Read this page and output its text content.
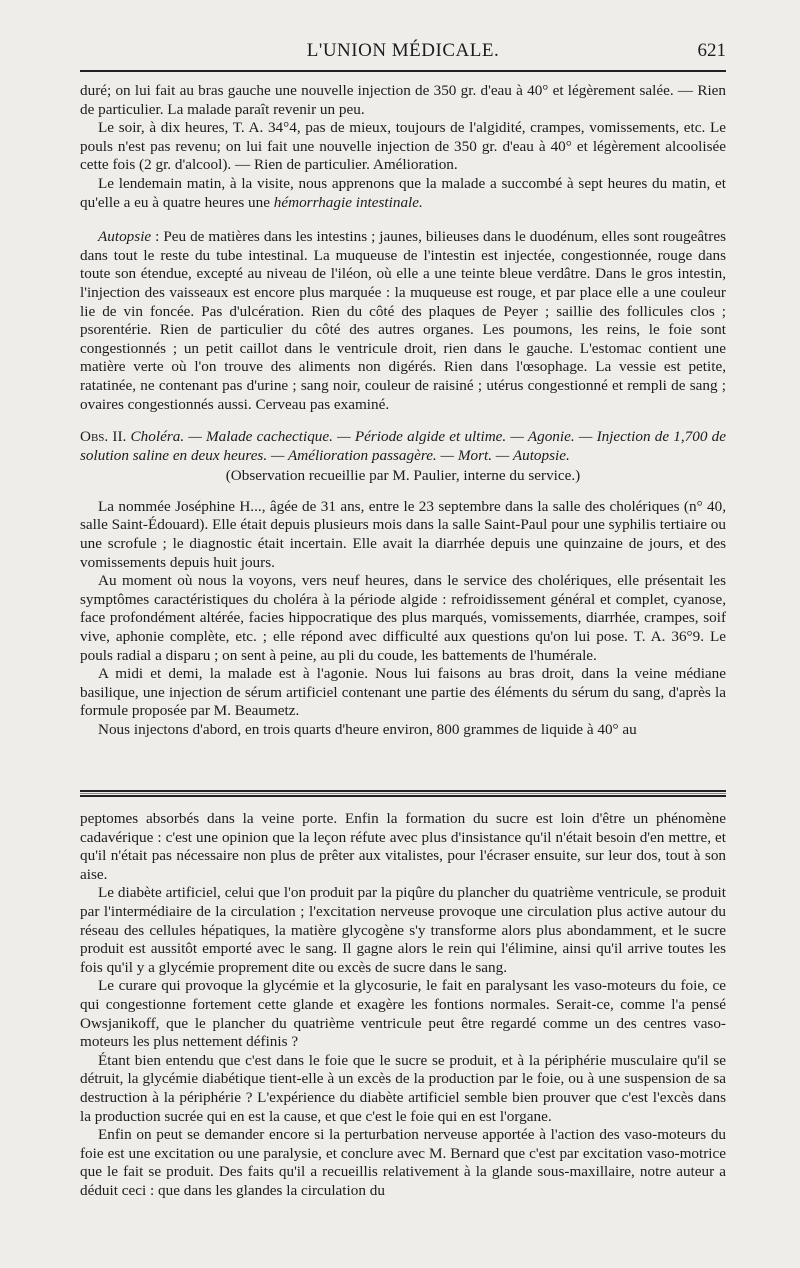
L'UNION MÉDICALE.	621

duré; on lui fait au bras gauche une nouvelle injection de 350 gr. d'eau à 40° et légèrement salée. — Rien de particulier. La malade paraît revenir un peu.

Le soir, à dix heures, T. A. 34°4, pas de mieux, toujours de l'algidité, crampes, vomissements, etc. Le pouls n'est pas revenu; on lui fait une nouvelle injection de 350 gr. d'eau à 40° et légèrement alcoolisée cette fois (2 gr. d'alcool). — Rien de particulier. Amélioration.

Le lendemain matin, à la visite, nous apprenons que la malade a succombé à sept heures du matin, et qu'elle a eu à quatre heures une hémorrhagie intestinale.

Autopsie : Peu de matières dans les intestins ; jaunes, bilieuses dans le duodénum, elles sont rougeâtres dans tout le reste du tube intestinal. La muqueuse de l'intestin est injectée, congestionnée, rouge dans toute son étendue, excepté au niveau de l'iléon, où elle a une teinte bleue verdâtre. Dans le gros intestin, l'injection des vaisseaux est encore plus marquée : la muqueuse est rouge, et par place elle a une couleur lie de vin foncée. Pas d'ulcération. Rien du côté des plaques de Peyer ; saillie des follicules clos ; psorentérie. Rien de particulier du côté des autres organes. Les poumons, les reins, le foie sont congestionnés ; un petit caillot dans le ventricule droit, rien dans le gauche. L'estomac contient une matière verte où l'on trouve des aliments non digérés. Rien dans l'œsophage. La vessie est petite, ratatinée, ne contenant pas d'urine ; sang noir, couleur de raisiné ; utérus congestionné et rempli de sang ; ovaires congestionnés aussi. Cerveau pas examiné.

Obs. II. Choléra. — Malade cachectique. — Période algide et ultime. — Agonie. — Injection de 1,700 de solution saline en deux heures. — Amélioration passagère. — Mort. — Autopsie.

(Observation recueillie par M. Paulier, interne du service.)

La nommée Joséphine H..., âgée de 31 ans, entre le 23 septembre dans la salle des cholériques (n° 40, salle Saint-Édouard). Elle était depuis plusieurs mois dans la salle Saint-Paul pour une syphilis tertiaire ou une scrofule ; le diagnostic était incertain. Elle avait la diarrhée depuis une quinzaine de jours, et des vomissements depuis huit jours.

Au moment où nous la voyons, vers neuf heures, dans le service des cholériques, elle présentait les symptômes caractéristiques du choléra à la période algide : refroidissement général et complet, cyanose, face profondément altérée, facies hippocratique des plus marqués, vomissements, diarrhée, crampes, soif vive, aphonie complète, etc. ; elle répond avec difficulté aux questions qu'on lui pose. T. A. 36°9. Le pouls radial a disparu ; on sent à peine, au pli du coude, les battements de l'humérale.

A midi et demi, la malade est à l'agonie. Nous lui faisons au bras droit, dans la veine médiane basilique, une injection de sérum artificiel contenant une partie des éléments du sérum du sang, d'après la formule proposée par M. Beaumetz.

Nous injectons d'abord, en trois quarts d'heure environ, 800 grammes de liquide à 40° au

peptomes absorbés dans la veine porte. Enfin la formation du sucre est loin d'être un phénomène cadavérique : c'est une opinion que la leçon réfute avec plus d'insistance qu'il n'était besoin d'en mettre, et qu'il n'était pas nécessaire non plus de prêter aux vitalistes, pour l'écraser ensuite, sur leur dos, tout à son aise.

Le diabète artificiel, celui que l'on produit par la piqûre du plancher du quatrième ventricule, se produit par l'intermédiaire de la circulation ; l'excitation nerveuse provoque une circulation plus active autour du réseau des cellules hépatiques, la matière glycogène s'y transforme alors plus abondamment, et le sucre produit est aussitôt emporté avec le sang. Il gagne alors le rein qui l'élimine, ainsi qu'il arrive toutes les fois qu'il y a glycémie proprement dite ou excès de sucre dans le sang.

Le curare qui provoque la glycémie et la glycosurie, le fait en paralysant les vaso-moteurs du foie, ce qui congestionne fortement cette glande et exagère les fontions normales. Serait-ce, comme l'a pensé Owsjanikoff, que le plancher du quatrième ventricule peut être regardé comme un des centres vaso-moteurs les plus nettement définis ?

Étant bien entendu que c'est dans le foie que le sucre se produit, et à la périphérie musculaire qu'il se détruit, la glycémie diabétique tient-elle à un excès de la production par le foie, ou à une suspension de sa destruction à la périphérie ? L'expérience du diabète artificiel semble bien prouver que c'est l'excès dans la production sucrée qui en est la cause, et que c'est le foie qui en est l'organe.

Enfin on peut se demander encore si la perturbation nerveuse apportée à l'action des vaso-moteurs du foie est une excitation ou une paralysie, et conclure avec M. Bernard que c'est par excitation vaso-motrice que le fait se produit. Des faits qu'il a recueillis relativement à la glande sous-maxillaire, notre auteur a déduit ceci : que dans les glandes la circulation du
